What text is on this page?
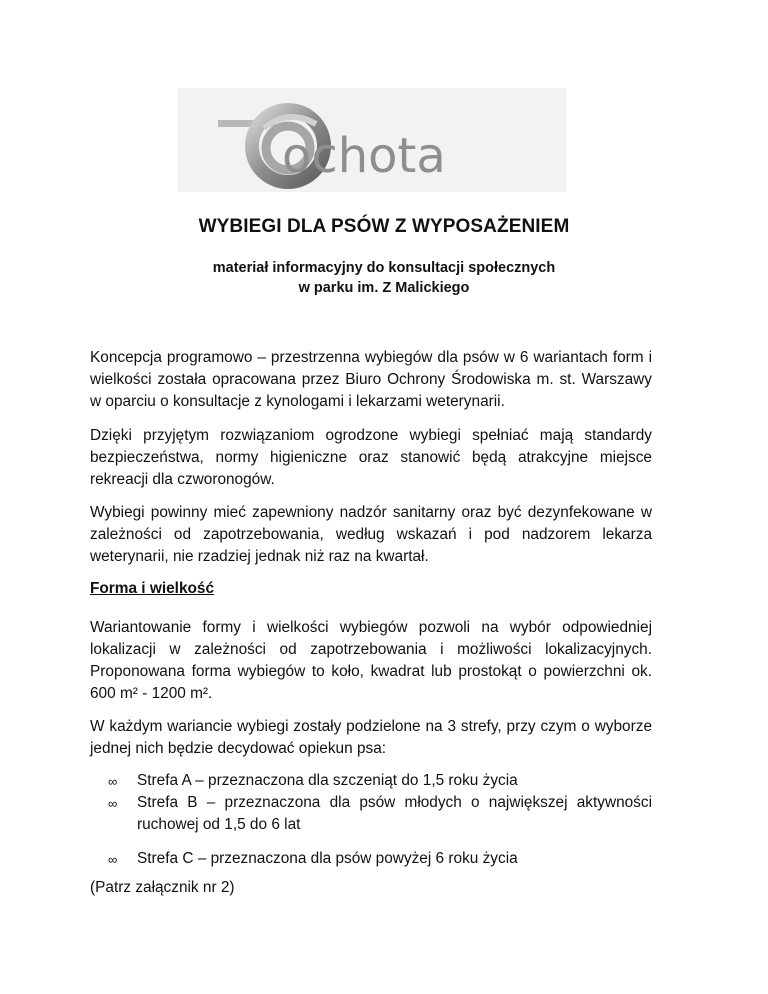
ochota
WYBIEGI DLA PSÓW Z WYPOSAŻENIEM
materiał informacyjny do konsultacji społecznych
w parku im. Z Malickiego

Koncepcja programowo – przestrzenna wybiegów dla psów w 6 wariantach form i wielkości została opracowana przez Biuro Ochrony Środowiska m. st. Warszawy w oparciu o konsultacje z kynologami i lekarzami weterynarii.

Dzięki przyjętym rozwiązaniom ogrodzone wybiegi spełniać mają standardy bezpieczeństwa, normy higieniczne oraz stanowić będą atrakcyjne miejsce rekreacji dla czworonogów.

Wybiegi powinny mieć zapewniony nadzór sanitarny oraz być dezynfekowane w zależności od zapotrzebowania, według wskazań i pod nadzorem lekarza weterynarii, nie rzadziej jednak niż raz na kwartał.

Forma i wielkość

Wariantowanie formy i wielkości wybiegów pozwoli na wybór odpowiedniej lokalizacji w zależności od zapotrzebowania i możliwości lokalizacyjnych. Proponowana forma wybiegów to koło, kwadrat lub prostokąt o powierzchni ok. 600 m² - 1200 m².

W każdym wariancie wybiegi zostały podzielone na 3 strefy, przy czym o wyborze jednej nich będzie decydować opiekun psa:

∞ Strefa A – przeznaczona dla szczeniąt do 1,5 roku życia
∞ Strefa B – przeznaczona dla psów młodych o największej aktywności ruchowej od 1,5 do 6 lat
∞ Strefa C – przeznaczona dla psów powyżej 6 roku życia

(Patrz załącznik nr 2)
